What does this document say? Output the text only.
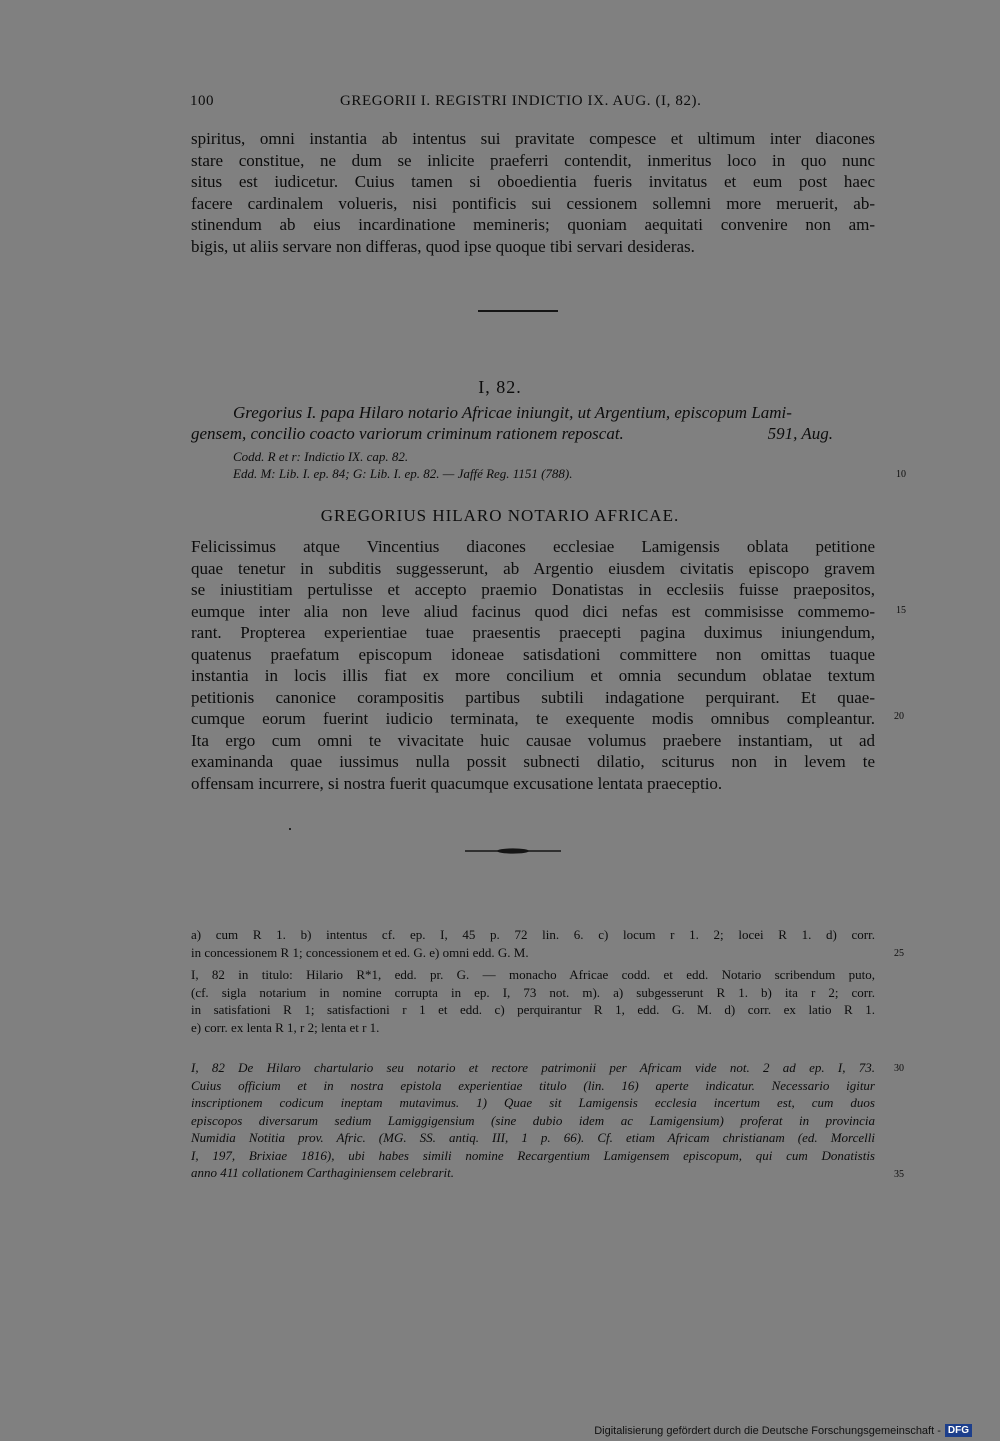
100	GREGORII I. REGISTRI INDICTIO IX. AUG. (I, 82).
spiritus, omni instantia ab intentus sui pravitate compesce et ultimum inter diacones
stare constitue, ne dum se inlicite praeferri contendit, inmeritus loco in quo nunc
situs est iudicetur. Cuius tamen si oboedientia fueris invitatus et eum post haec
facere cardinalem volueris, nisi pontificis sui cessionem sollemni more meruerit, ab-
stinendum ab eius incardinatione memineris; quoniam aequitati convenire non am-
bigis, ut aliis servare non differas, quod ipse quoque tibi servari desideras.
I, 82.
Gregorius I. papa Hilaro notario Africae iniungit, ut Argentium, episcopum Lami-
gensem, concilio coacto variorum criminum rationem reposcat.	591, Aug.
Codd. R et r: Indictio IX. cap. 82.
Edd. M: Lib. I. ep. 84; G: Lib. I. ep. 82. — Jaffé Reg. 1151 (788).	10
GREGORIUS HILARO NOTARIO AFRICAE.
Felicissimus atque Vincentius diacones ecclesiae Lamigensis oblata petitione
quae tenetur in subditis suggesserunt, ab Argentio eiusdem civitatis episcopo gravem
se iniustitiam pertulisse et accepto praemio Donatistas in ecclesiis fuisse praepositos,
eumque inter alia non leve aliud facinus quod dici nefas est commisisse commemo-
rant. Propterea experientiae tuae praesentis praecepti pagina duximus iniungendum,
quatenus praefatum episcopum idoneae satisdationi committere non omittas tuaque
instantia in locis illis fiat ex more concilium et omnia secundum oblatae textum
petitionis canonice corampositis partibus subtili indagatione perquirant. Et quae-
cumque eorum fuerint iudicio terminata, te exequente modis omnibus compleantur.
Ita ergo cum omni te vivacitate huic causae volumus praebere instantiam, ut ad
examinanda quae iussimus nulla possit subnecti dilatio, sciturus non in levem te
offensam incurrere, si nostra fuerit quacumque excusatione lentata praeceptio.
15
20
a) cum R 1. b) intentus cf. ep. I, 45 p. 72 lin. 6. c) locum r 1. 2; locei R 1. d) corr.
in concessionem R 1; concessionem et ed. G. e) omni edd. G. M.	25
I, 82 in titulo: Hilario R*1, edd. pr. G. — monacho Africae codd. et edd. Notario scribendum puto,
(cf. sigla notarium in nomine corrupta in ep. I, 73 not. m). a) subgesserunt R 1. b) ita r 2; corr.
in satisfationi R 1; satisfactioni r 1 et edd. c) perquirantur R 1, edd. G. M. d) corr. ex latio R 1.
e) corr. ex lenta R 1, r 2; lenta et r 1.
I, 82 De Hilaro chartulario seu notario et rectore patrimonii per Africam vide not. 2 ad ep. I, 73.
Cuius officium et in nostra epistola experientiae titulo (lin. 16) aperte indicatur. Necessario igitur
inscriptionem codicum ineptam mutavimus. 1) Quae sit Lamigensis ecclesia incertum est, cum duos
episcopos diversarum sedium Lamiggigensium (sine dubio idem ac Lamigensium) proferat in provincia
Numidia Notitia prov. Afric. (MG. SS. antiq. III, 1 p. 66). Cf. etiam Africam christianam (ed. Morcelli
I, 197, Brixiae 1816), ubi habes simili nomine Recargentium Lamigensem episcopum, qui cum Donatistis
anno 411 collationem Carthaginiensem celebrarit.
30
35
Digitalisierung gefördert durch die Deutsche Forschungsgemeinschaft - DFG
